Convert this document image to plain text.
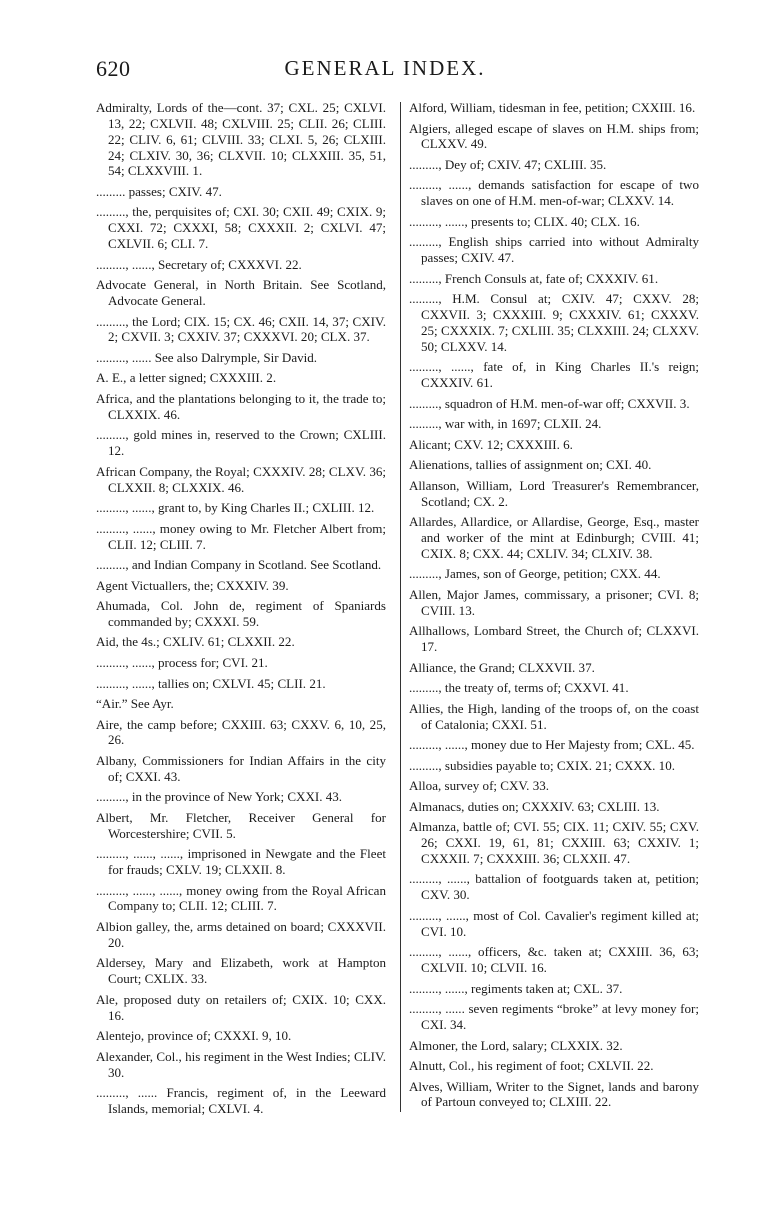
620	GENERAL INDEX.

Admiralty, Lords of the—cont. 37; CXL. 25; CXLVI. 13, 22; CXLVII. 48; CXLVIII. 25; CLII. 26; CLIII. 22; CLIV. 6, 61; CLVIII. 33; CLXI. 5, 26; CLXIII. 24; CLXIV. 30, 36; CLXVII. 10; CLXXIII. 35, 51, 54; CLXXVIII. 1.

......... passes; CXIV. 47.

........., the, perquisites of; CXI. 30; CXII. 49; CXIX. 9; CXXI. 72; CXXXI, 58; CXXXII. 2; CXLVI. 47; CXLVII. 6; CLI. 7.

........., ......, Secretary of; CXXXVI. 22.

Advocate General, in North Britain. See Scotland, Advocate General.

........., the Lord; CIX. 15; CX. 46; CXII. 14, 37; CXIV. 2; CXVII. 3; CXXIV. 37; CXXXVI. 20; CLX. 37.

........., ...... See also Dalrymple, Sir David.

A. E., a letter signed; CXXXIII. 2.

Africa, and the plantations belonging to it, the trade to; CLXXIX. 46.

........., gold mines in, reserved to the Crown; CXLIII. 12.

African Company, the Royal; CXXXIV. 28; CLXV. 36; CLXXII. 8; CLXXIX. 46.

........., ......, grant to, by King Charles II.; CXLIII. 12.

........., ......, money owing to Mr. Fletcher Albert from; CLII. 12; CLIII. 7.

........., and Indian Company in Scotland. See Scotland.

Agent Victuallers, the; CXXXIV. 39.

Ahumada, Col. John de, regiment of Spaniards commanded by; CXXXI. 59.

Aid, the 4s.; CXLIV. 61; CLXXII. 22.

........., ......, process for; CVI. 21.

........., ......, tallies on; CXLVI. 45; CLII. 21.

“Air.” See Ayr.

Aire, the camp before; CXXIII. 63; CXXV. 6, 10, 25, 26.

Albany, Commissioners for Indian Affairs in the city of; CXXI. 43.

........., in the province of New York; CXXI. 43.

Albert, Mr. Fletcher, Receiver General for Worcestershire; CVII. 5.

........., ......, ......, imprisoned in Newgate and the Fleet for frauds; CXLV. 19; CLXXII. 8.

........., ......, ......, money owing from the Royal African Company to; CLII. 12; CLIII. 7.

Albion galley, the, arms detained on board; CXXXVII. 20.

Aldersey, Mary and Elizabeth, work at Hampton Court; CXLIX. 33.

Ale, proposed duty on retailers of; CXIX. 10; CXX. 16.

Alentejo, province of; CXXXI. 9, 10.

Alexander, Col., his regiment in the West Indies; CLIV. 30.

........., ...... Francis, regiment of, in the Leeward Islands, memorial; CXLVI. 4.

Alford, William, tidesman in fee, petition; CXXIII. 16.

Algiers, alleged escape of slaves on H.M. ships from; CLXXV. 49.

........., Dey of; CXIV. 47; CXLIII. 35.

........., ......, demands satisfaction for escape of two slaves on one of H.M. men-of-war; CLXXV. 14.

........., ......, presents to; CLIX. 40; CLX. 16.

........., English ships carried into without Admiralty passes; CXIV. 47.

........., French Consuls at, fate of; CXXXIV. 61.

........., H.M. Consul at; CXIV. 47; CXXV. 28; CXXVII. 3; CXXXIII. 9; CXXXIV. 61; CXXXV. 25; CXXXIX. 7; CXLIII. 35; CLXXIII. 24; CLXXV. 50; CLXXV. 14.

........., ......, fate of, in King Charles II.'s reign; CXXXIV. 61.

........., squadron of H.M. men-of-war off; CXXVII. 3.

........., war with, in 1697; CLXII. 24.

Alicant; CXV. 12; CXXXIII. 6.

Alienations, tallies of assignment on; CXI. 40.

Allanson, William, Lord Treasurer's Remembrancer, Scotland; CX. 2.

Allardes, Allardice, or Allardise, George, Esq., master and worker of the mint at Edinburgh; CVIII. 41; CXIX. 8; CXX. 44; CXLIV. 34; CLXIV. 38.

........., James, son of George, petition; CXX. 44.

Allen, Major James, commissary, a prisoner; CVI. 8; CVIII. 13.

Allhallows, Lombard Street, the Church of; CLXXVI. 17.

Alliance, the Grand; CLXXVII. 37.

........., the treaty of, terms of; CXXVI. 41.

Allies, the High, landing of the troops of, on the coast of Catalonia; CXXI. 51.

........., ......, money due to Her Majesty from; CXL. 45.

........., subsidies payable to; CXIX. 21; CXXX. 10.

Alloa, survey of; CXV. 33.

Almanacs, duties on; CXXXIV. 63; CXLIII. 13.

Almanza, battle of; CVI. 55; CIX. 11; CXIV. 55; CXV. 26; CXXI. 19, 61, 81; CXXIII. 63; CXXIV. 1; CXXXII. 7; CXXXIII. 36; CLXXII. 47.

........., ......, battalion of footguards taken at, petition; CXV. 30.

........., ......, most of Col. Cavalier's regiment killed at; CVI. 10.

........., ......, officers, &c. taken at; CXXIII. 36, 63; CXLVII. 10; CLVII. 16.

........., ......, regiments taken at; CXL. 37.

........., ...... seven regiments “broke” at levy money for; CXI. 34.

Almoner, the Lord, salary; CLXXIX. 32.

Alnutt, Col., his regiment of foot; CXLVII. 22.

Alves, William, Writer to the Signet, lands and barony of Partoun conveyed to; CLXIII. 22.
